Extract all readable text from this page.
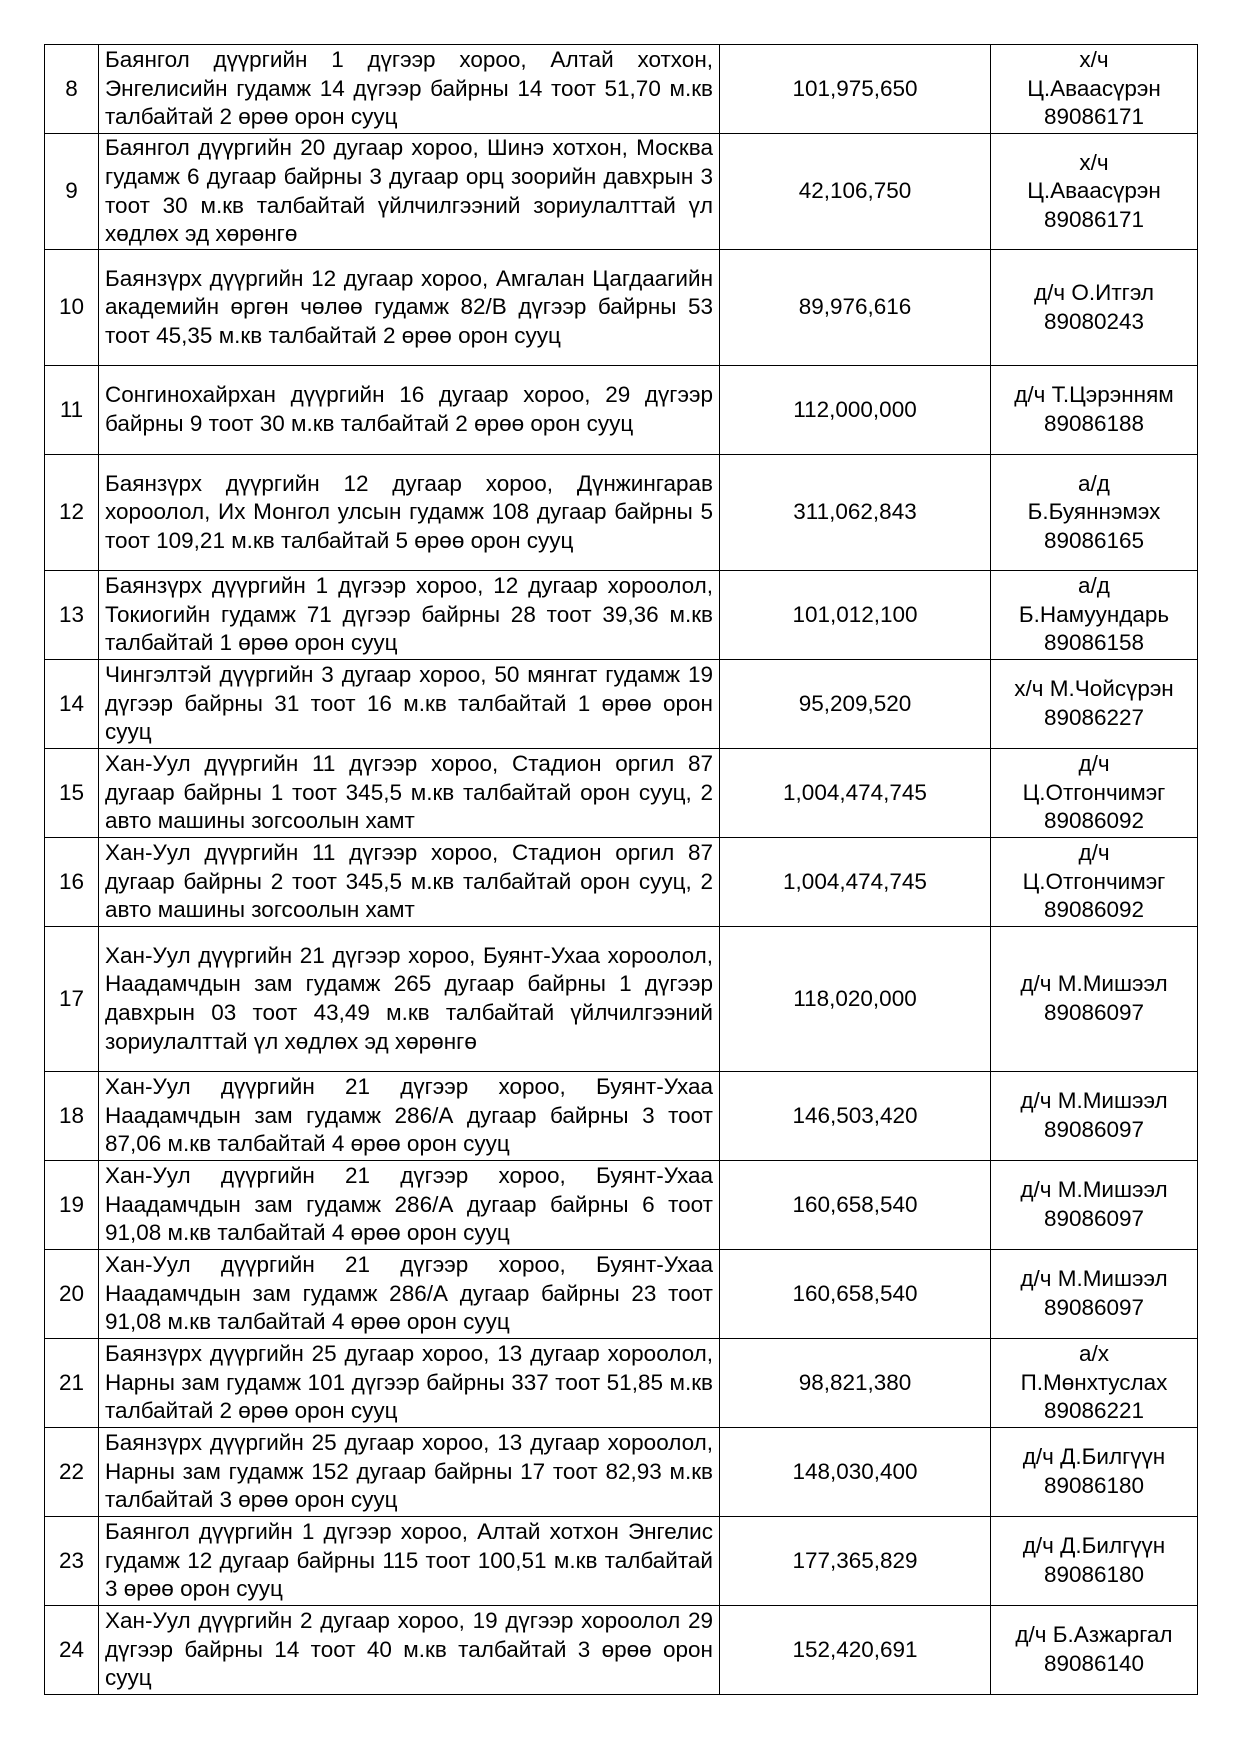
8	Баянгол дүүргийн 1 дүгээр хороо, Алтай хотхон, Энгелисийн гудамж 14 дүгээр байрны 14 тоот 51,70 м.кв талбайтай 2 өрөө орон сууц	101,975,650	х/ч
Ц.Аваасүрэн
89086171
9	Баянгол дүүргийн 20 дугаар хороо, Шинэ хотхон, Москва гудамж 6 дугаар байрны 3 дугаар орц зоорийн давхрын 3 тоот 30 м.кв талбайтай үйлчилгээний зориулалттай үл хөдлөх эд хөрөнгө	42,106,750	х/ч
Ц.Аваасүрэн
89086171
10	Баянзүрх дүүргийн 12 дугаар хороо, Амгалан Цагдаагийн академийн өргөн чөлөө гудамж 82/В дүгээр байрны 53 тоот 45,35 м.кв талбайтай 2 өрөө орон сууц	89,976,616	д/ч О.Итгэл
89080243
11	Сонгинохайрхан дүүргийн 16 дугаар хороо, 29 дүгээр байрны 9 тоот 30 м.кв талбайтай 2 өрөө орон сууц	112,000,000	д/ч Т.Цэрэнням
89086188
12	Баянзүрх дүүргийн 12 дугаар хороо, Дүнжингарав хороолол, Их Монгол улсын гудамж 108 дугаар байрны 5 тоот 109,21 м.кв талбайтай 5 өрөө орон сууц	311,062,843	а/д
Б.Буяннэмэх
89086165
13	Баянзүрх дүүргийн 1 дүгээр хороо, 12 дугаар хороолол, Токиогийн гудамж 71 дүгээр байрны 28 тоот 39,36 м.кв талбайтай 1 өрөө орон сууц	101,012,100	а/д
Б.Намуундарь
89086158
14	Чингэлтэй дүүргийн 3 дугаар хороо, 50 мянгат гудамж 19 дүгээр байрны 31 тоот 16 м.кв талбайтай 1 өрөө орон сууц	95,209,520	х/ч М.Чойсүрэн
89086227
15	Хан-Уул дүүргийн 11 дүгээр хороо, Стадион оргил 87 дугаар байрны 1 тоот 345,5 м.кв талбайтай орон сууц, 2 авто машины зогсоолын хамт	1,004,474,745	д/ч
Ц.Отгончимэг
89086092
16	Хан-Уул дүүргийн 11 дүгээр хороо, Стадион оргил 87 дугаар байрны 2 тоот 345,5 м.кв талбайтай орон сууц, 2 авто машины зогсоолын хамт	1,004,474,745	д/ч
Ц.Отгончимэг
89086092
17	Хан-Уул дүүргийн 21 дүгээр хороо, Буянт-Ухаа хороолол, Наадамчдын зам гудамж 265 дугаар байрны 1 дүгээр давхрын 03 тоот 43,49 м.кв талбайтай үйлчилгээний зориулалттай үл хөдлөх эд хөрөнгө	118,020,000	д/ч М.Мишээл
89086097
18	Хан-Уул дүүргийн 21 дүгээр хороо, Буянт-Ухаа Наадамчдын зам гудамж 286/А дугаар байрны 3 тоот 87,06 м.кв талбайтай 4 өрөө орон сууц	146,503,420	д/ч М.Мишээл
89086097
19	Хан-Уул дүүргийн 21 дүгээр хороо, Буянт-Ухаа Наадамчдын зам гудамж 286/А дугаар байрны 6 тоот 91,08 м.кв талбайтай 4 өрөө орон сууц	160,658,540	д/ч М.Мишээл
89086097
20	Хан-Уул дүүргийн 21 дүгээр хороо, Буянт-Ухаа Наадамчдын зам гудамж 286/А дугаар байрны 23 тоот 91,08 м.кв талбайтай 4 өрөө орон сууц	160,658,540	д/ч М.Мишээл
89086097
21	Баянзүрх дүүргийн 25 дугаар хороо, 13 дугаар хороолол, Нарны зам гудамж 101 дүгээр байрны 337 тоот 51,85 м.кв талбайтай 2 өрөө орон сууц	98,821,380	а/х
П.Мөнхтуслах
89086221
22	Баянзүрх дүүргийн 25 дугаар хороо, 13 дугаар хороолол, Нарны зам гудамж 152 дугаар байрны 17 тоот 82,93 м.кв талбайтай 3 өрөө орон сууц	148,030,400	д/ч Д.Билгүүн
89086180
23	Баянгол дүүргийн 1 дүгээр хороо, Алтай хотхон Энгелис гудамж 12 дугаар байрны 115 тоот 100,51 м.кв талбайтай 3 өрөө орон сууц	177,365,829	д/ч Д.Билгүүн
89086180
24	Хан-Уул дүүргийн 2 дугаар хороо, 19 дүгээр хороолол 29 дүгээр байрны 14 тоот 40 м.кв талбайтай 3 өрөө орон сууц	152,420,691	д/ч Б.Азжаргал
89086140
